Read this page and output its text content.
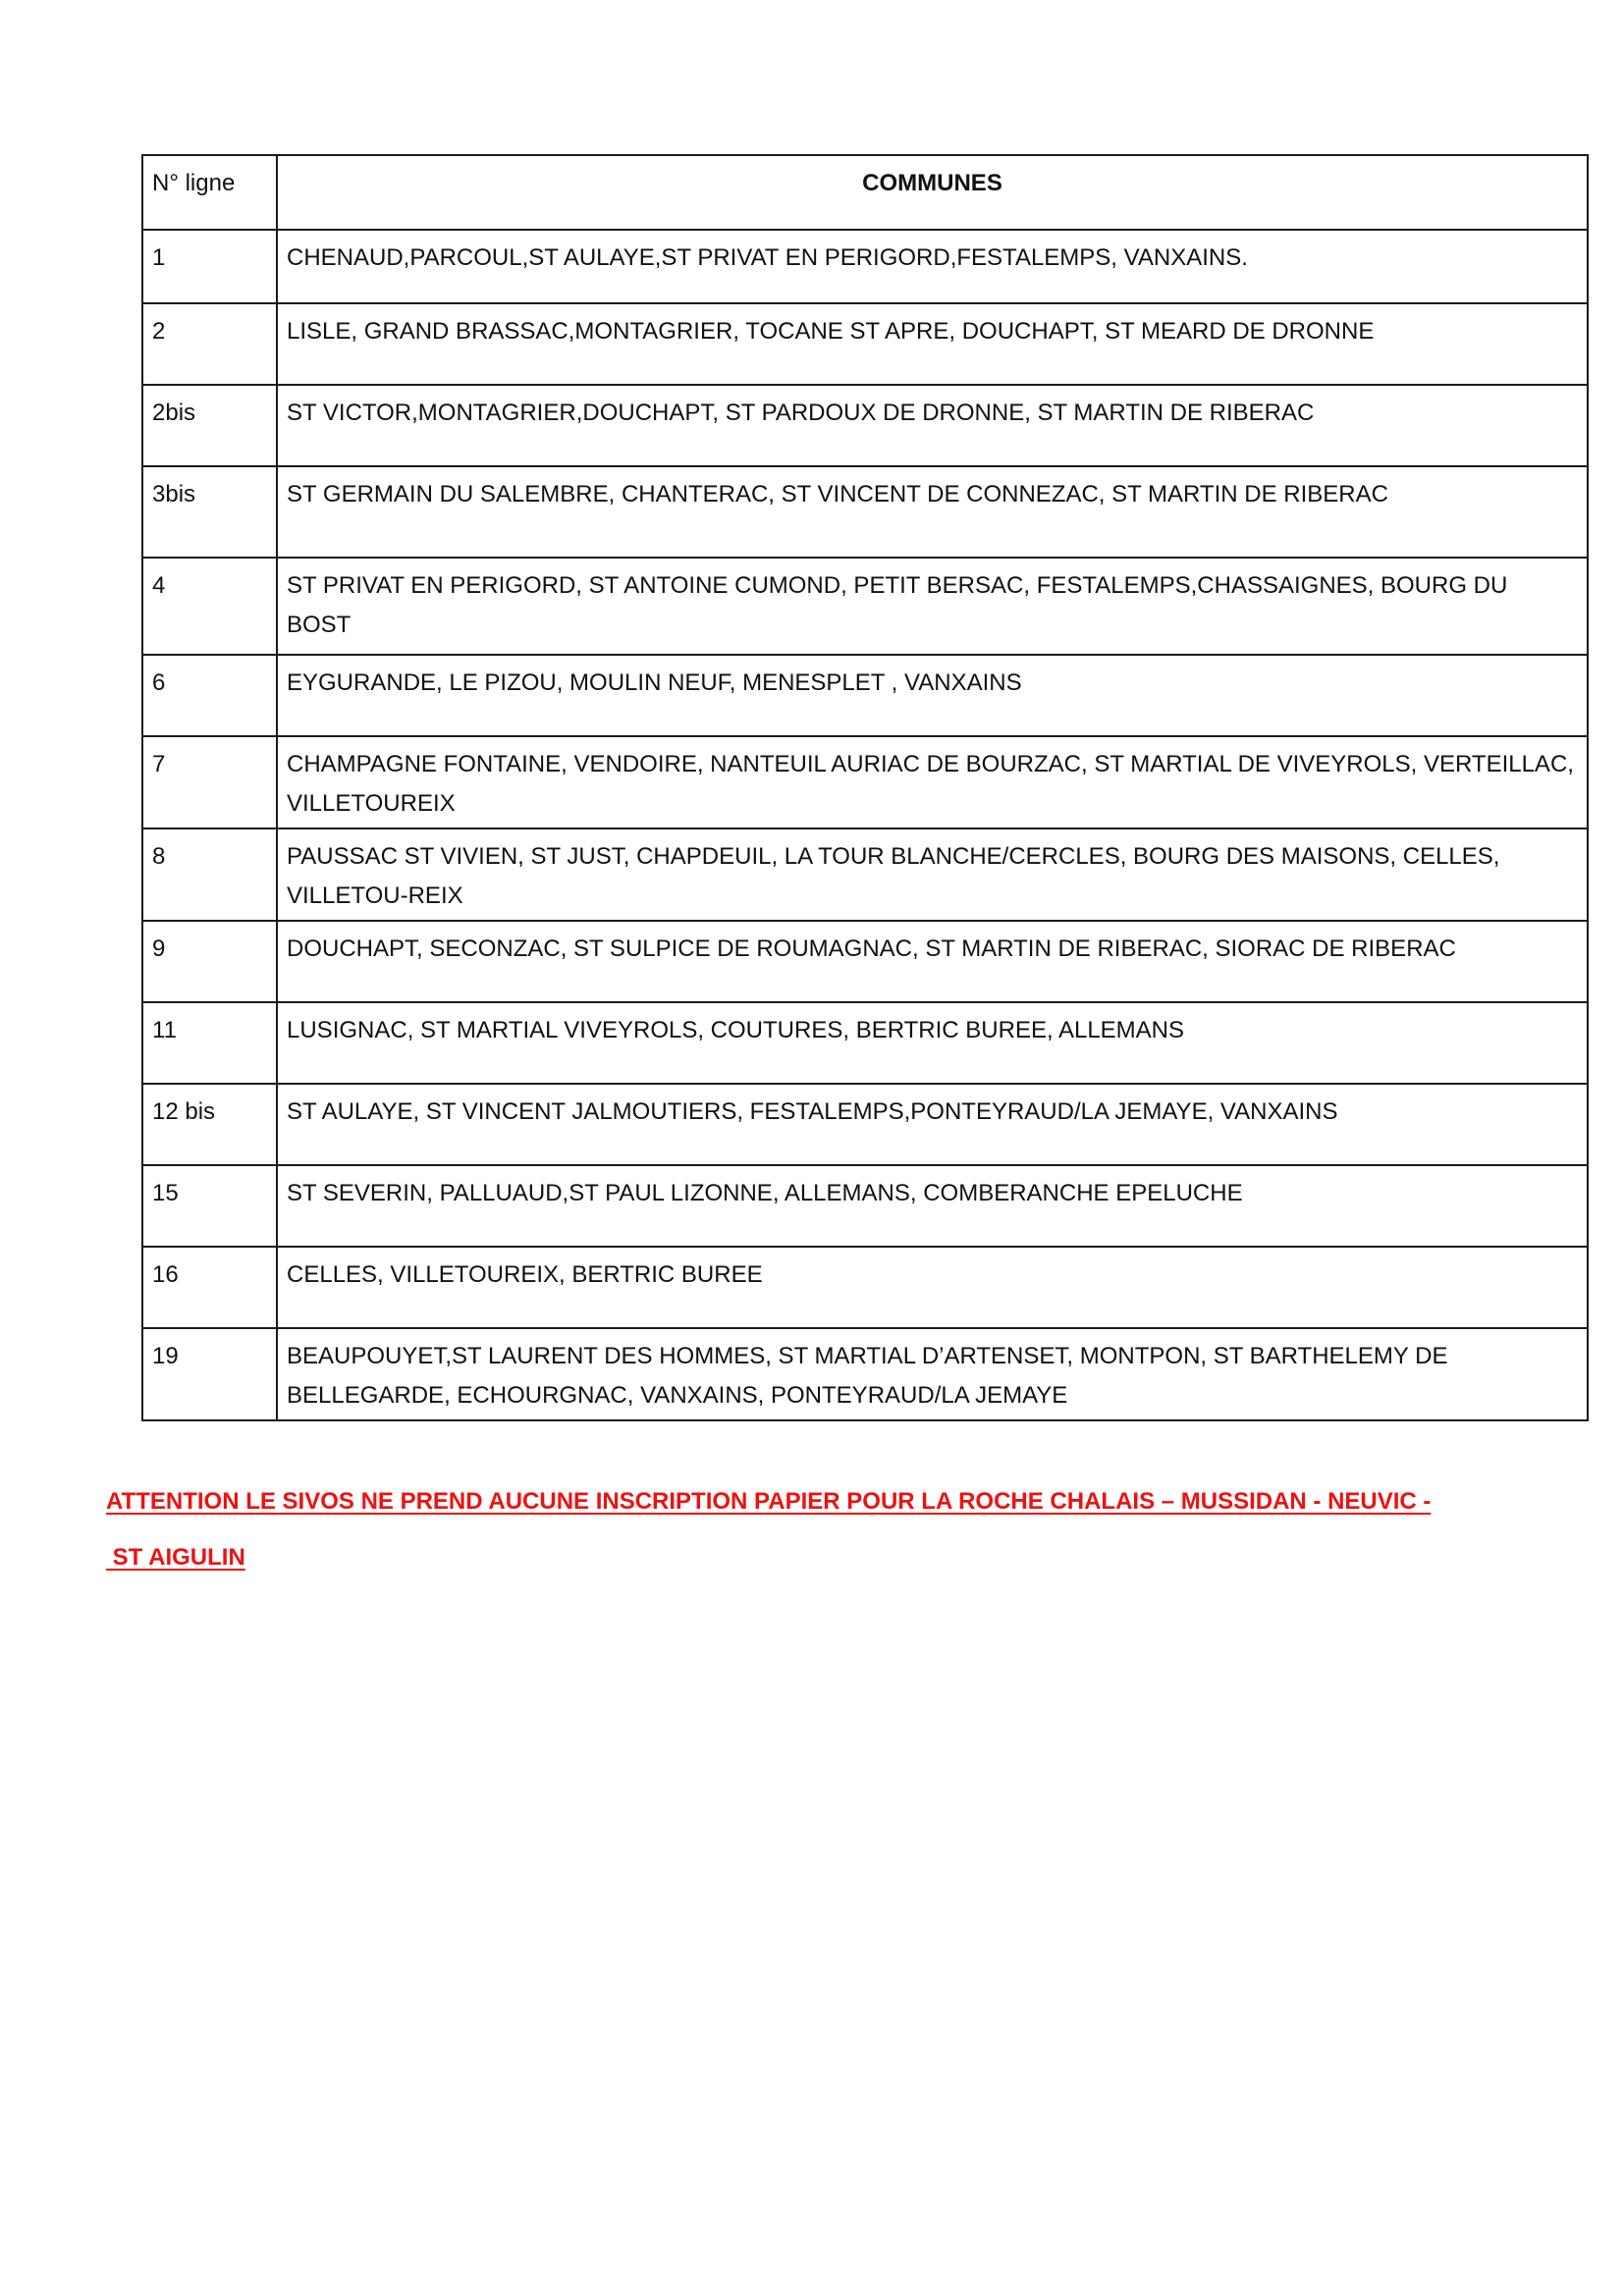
N° ligne	COMMUNES
1	CHENAUD,PARCOUL,ST AULAYE,ST PRIVAT EN PERIGORD,FESTALEMPS, VANXAINS.
2	LISLE, GRAND BRASSAC,MONTAGRIER, TOCANE ST APRE, DOUCHAPT, ST MEARD DE DRONNE
2bis	ST VICTOR,MONTAGRIER,DOUCHAPT, ST PARDOUX DE DRONNE, ST MARTIN DE RIBERAC
3bis	ST GERMAIN DU SALEMBRE, CHANTERAC, ST VINCENT DE CONNEZAC, ST MARTIN DE RIBERAC
4	ST PRIVAT EN PERIGORD, ST ANTOINE CUMOND, PETIT BERSAC, FESTALEMPS,CHASSAIGNES, BOURG DU BOST
6	EYGURANDE, LE PIZOU, MOULIN NEUF, MENESPLET , VANXAINS
7	CHAMPAGNE FONTAINE, VENDOIRE, NANTEUIL AURIAC DE BOURZAC, ST MARTIAL DE VIVEYROLS, VERTEILLAC, VILLETOUREIX
8	PAUSSAC ST VIVIEN, ST JUST, CHAPDEUIL, LA TOUR BLANCHE/CERCLES, BOURG DES MAISONS, CELLES, VILLETOU-REIX
9	DOUCHAPT, SECONZAC, ST SULPICE DE ROUMAGNAC, ST MARTIN DE RIBERAC, SIORAC DE RIBERAC
11	LUSIGNAC, ST MARTIAL VIVEYROLS, COUTURES, BERTRIC BUREE, ALLEMANS
12 bis	ST AULAYE, ST VINCENT JALMOUTIERS, FESTALEMPS,PONTEYRAUD/LA JEMAYE, VANXAINS
15	ST SEVERIN, PALLUAUD,ST PAUL LIZONNE, ALLEMANS, COMBERANCHE EPELUCHE
16	CELLES, VILLETOUREIX, BERTRIC BUREE
19	BEAUPOUYET,ST LAURENT DES HOMMES, ST MARTIAL D’ARTENSET, MONTPON, ST BARTHELEMY DE BELLEGARDE, ECHOURGNAC, VANXAINS, PONTEYRAUD/LA JEMAYE
ATTENTION LE SIVOS NE PREND AUCUNE INSCRIPTION PAPIER POUR LA ROCHE CHALAIS – MUSSIDAN - NEUVIC -
ST AIGULIN
